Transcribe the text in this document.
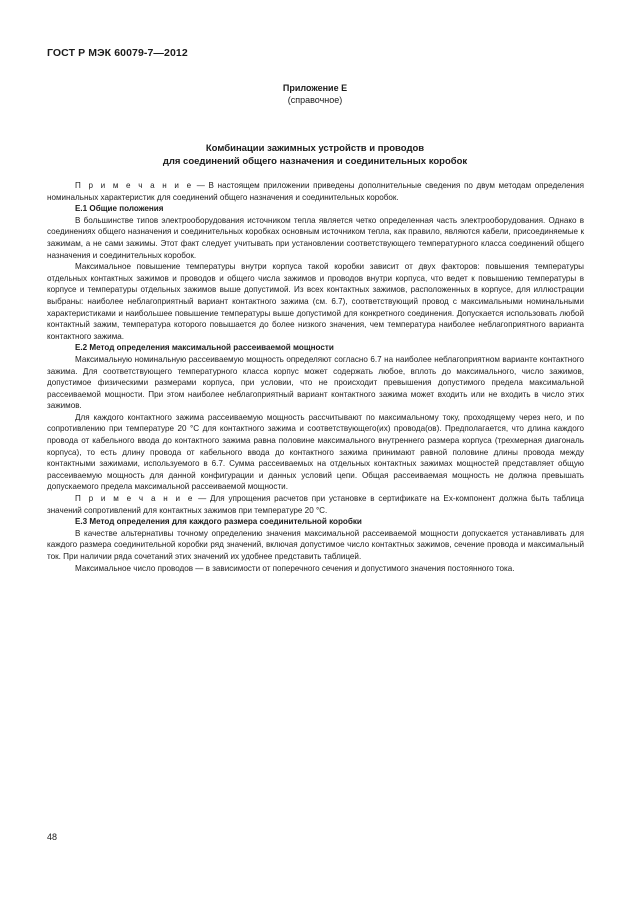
ГОСТ Р МЭК 60079-7—2012
Приложение Е
(справочное)
Комбинации зажимных устройств и проводов
для соединений общего назначения и соединительных коробок

П р и м е ч а н и е — В настоящем приложении приведены дополнительные сведения по двум методам определения номинальных характеристик для соединений общего назначения и соединительных коробок.

Е.1 Общие положения

В большинстве типов электрооборудования источником тепла является четко определенная часть электрооборудования. Однако в соединениях общего назначения и соединительных коробках основным источником тепла, как правило, являются кабели, присоединяемые к зажимам, а не сами зажимы. Этот факт следует учитывать при установлении соответствующего температурного класса соединений общего назначения и соединительных коробок.

Максимальное повышение температуры внутри корпуса такой коробки зависит от двух факторов: повышения температуры отдельных контактных зажимов и проводов и общего числа зажимов и проводов внутри корпуса, что ведет к повышению температуры в корпусе и температуры отдельных зажимов выше допустимой. Из всех контактных зажимов, расположенных в корпусе, для иллюстрации выбраны: наиболее неблагоприятный вариант контактного зажима (см. 6.7), соответствующий провод с максимальными номинальными характеристиками и наибольшее повышение температуры выше допустимой для конкретного соединения. Допускается использовать любой контактный зажим, температура которого повышается до более низкого значения, чем температура наиболее неблагоприятного варианта контактного зажима.

Е.2 Метод определения максимальной рассеиваемой мощности

Максимальную номинальную рассеиваемую мощность определяют согласно 6.7 на наиболее неблагоприятном варианте контактного зажима. Для соответствующего температурного класса корпус может содержать любое, вплоть до максимального, число зажимов, допустимое физическими размерами корпуса, при условии, что не происходит превышения допустимого предела максимальной рассеиваемой мощности. При этом наиболее неблагоприятный вариант контактного зажима может входить или не входить в число этих зажимов.

Для каждого контактного зажима рассеиваемую мощность рассчитывают по максимальному току, проходящему через него, и по сопротивлению при температуре 20 °С для контактного зажима и соответствующего(их) провода(ов). Предполагается, что длина каждого провода от кабельного ввода до контактного зажима равна половине максимального внутреннего размера корпуса (трехмерная диагональ корпуса), то есть длину провода от кабельного ввода до контактного зажима принимают равной половине длины провода между контактными зажимами, используемого в 6.7. Сумма рассеиваемых на отдельных контактных зажимах мощностей представляет общую рассеиваемую мощность для данной конфигурации и данных условий цепи. Общая рассеиваемая мощность не должна превышать допускаемого предела максимальной рассеиваемой мощности.

П р и м е ч а н и е — Для упрощения расчетов при установке в сертификате на Ех-компонент должна быть таблица значений сопротивлений для контактных зажимов при температуре 20 °С.

Е.3 Метод определения для каждого размера соединительной коробки

В качестве альтернативы точному определению значения максимальной рассеиваемой мощности допускается устанавливать для каждого размера соединительной коробки ряд значений, включая допустимое число контактных зажимов, сечение провода и максимальный ток. При наличии ряда сочетаний этих значений их удобнее представить таблицей.

Максимальное число проводов — в зависимости от поперечного сечения и допустимого значения постоянного тока.

48
